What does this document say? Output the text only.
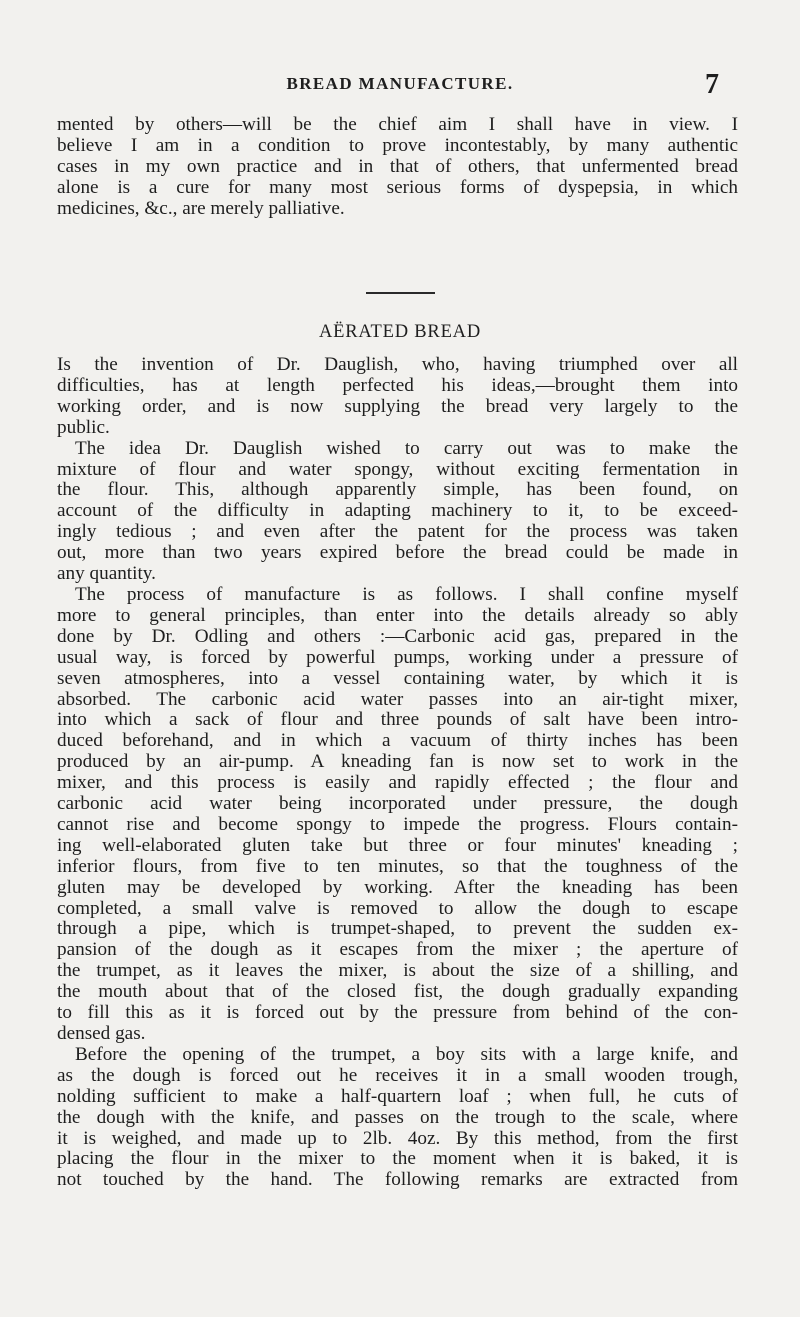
BREAD MANUFACTURE.	7
mented by others—will be the chief aim I shall have in view. I
believe I am in a condition to prove incontestably, by many authentic
cases in my own practice and in that of others, that unfermented bread
alone is a cure for many most serious forms of dyspepsia, in which
medicines, &c., are merely palliative.
AËRATED BREAD
Is the invention of Dr. Dauglish, who, having triumphed over all
difficulties, has at length perfected his ideas,—brought them into
working order, and is now supplying the bread very largely to the
public.
The idea Dr. Dauglish wished to carry out was to make the
mixture of flour and water spongy, without exciting fermentation in
the flour. This, although apparently simple, has been found, on
account of the difficulty in adapting machinery to it, to be exceed-
ingly tedious ; and even after the patent for the process was taken
out, more than two years expired before the bread could be made in
any quantity.
The process of manufacture is as follows. I shall confine myself
more to general principles, than enter into the details already so ably
done by Dr. Odling and others :—Carbonic acid gas, prepared in the
usual way, is forced by powerful pumps, working under a pressure of
seven atmospheres, into a vessel containing water, by which it is
absorbed. The carbonic acid water passes into an air-tight mixer,
into which a sack of flour and three pounds of salt have been intro-
duced beforehand, and in which a vacuum of thirty inches has been
produced by an air-pump. A kneading fan is now set to work in the
mixer, and this process is easily and rapidly effected ; the flour and
carbonic acid water being incorporated under pressure, the dough
cannot rise and become spongy to impede the progress. Flours contain-
ing well-elaborated gluten take but three or four minutes' kneading ;
inferior flours, from five to ten minutes, so that the toughness of the
gluten may be developed by working. After the kneading has been
completed, a small valve is removed to allow the dough to escape
through a pipe, which is trumpet-shaped, to prevent the sudden ex-
pansion of the dough as it escapes from the mixer ; the aperture of
the trumpet, as it leaves the mixer, is about the size of a shilling, and
the mouth about that of the closed fist, the dough gradually expanding
to fill this as it is forced out by the pressure from behind of the con-
densed gas.
Before the opening of the trumpet, a boy sits with a large knife, and
as the dough is forced out he receives it in a small wooden trough,
nolding sufficient to make a half-quartern loaf ; when full, he cuts of
the dough with the knife, and passes on the trough to the scale, where
it is weighed, and made up to 2lb. 4oz. By this method, from the first
placing the flour in the mixer to the moment when it is baked, it is
not touched by the hand. The following remarks are extracted from
